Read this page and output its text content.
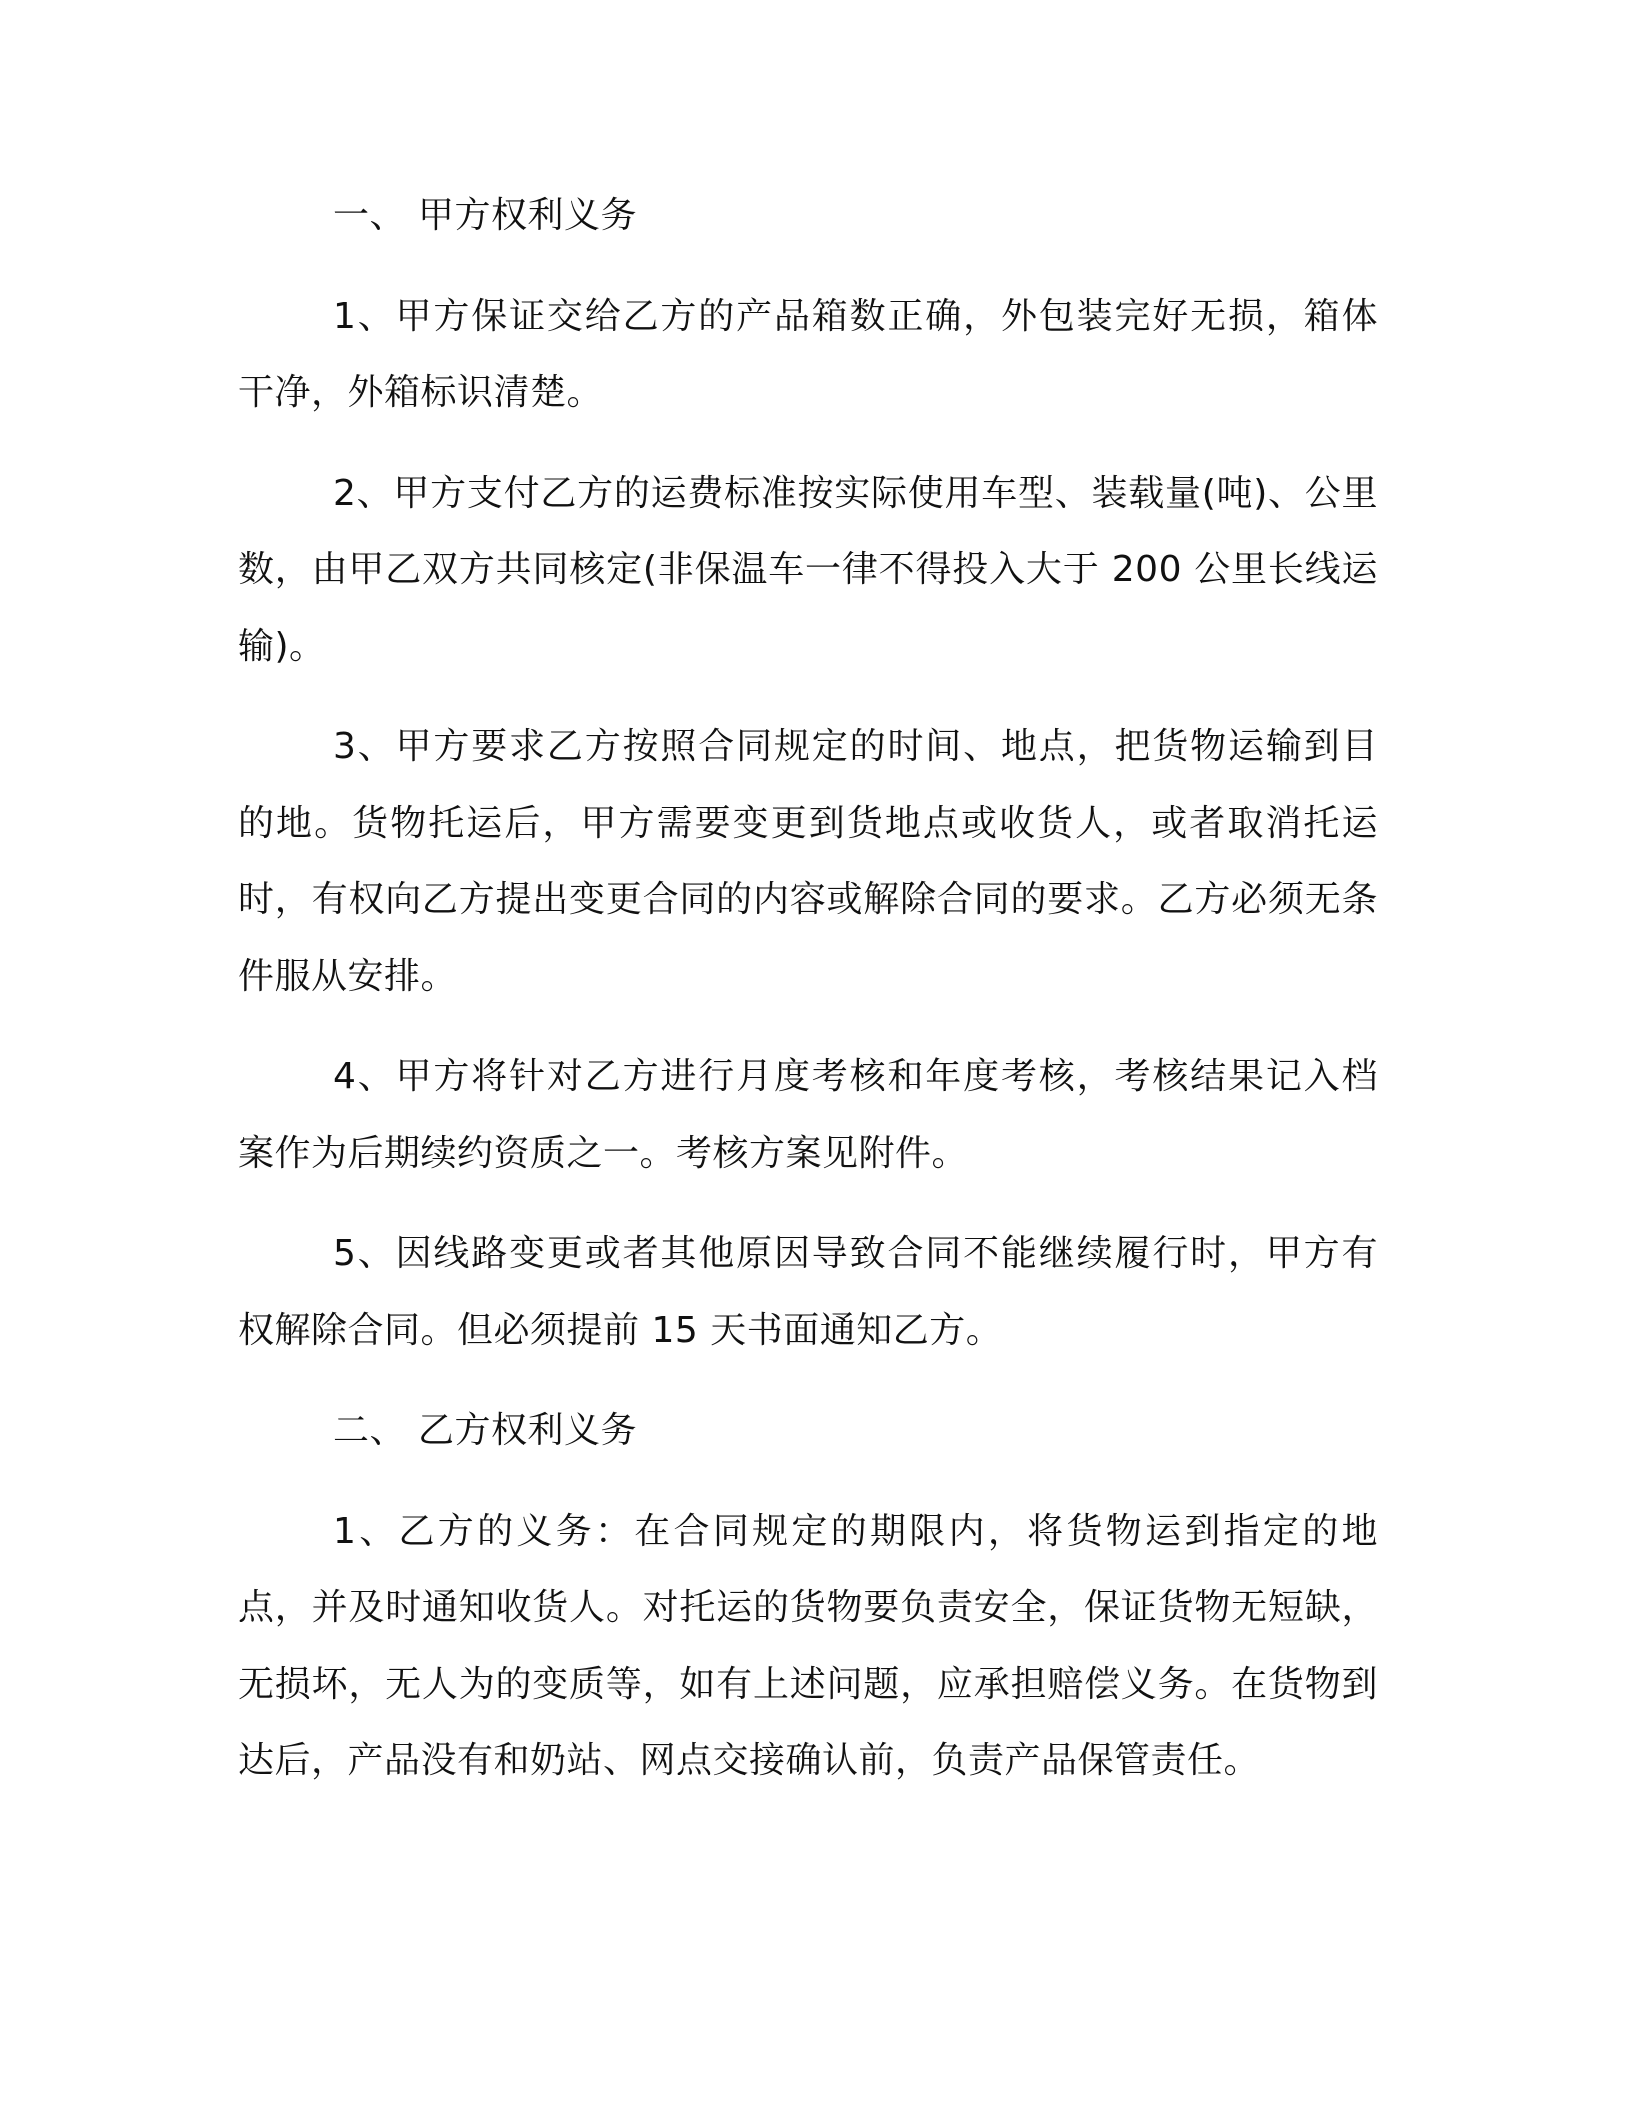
一、 甲方权利义务

1、甲方保证交给乙方的产品箱数正确，外包装完好无损，箱体干净，外箱标识清楚。

2、甲方支付乙方的运费标准按实际使用车型、装载量(吨)、公里数，由甲乙双方共同核定(非保温车一律不得投入大于 200 公里长线运输)。

3、甲方要求乙方按照合同规定的时间、地点，把货物运输到目的地。货物托运后，甲方需要变更到货地点或收货人，或者取消托运时，有权向乙方提出变更合同的内容或解除合同的要求。乙方必须无条件服从安排。

4、甲方将针对乙方进行月度考核和年度考核，考核结果记入档案作为后期续约资质之一。考核方案见附件。

5、因线路变更或者其他原因导致合同不能继续履行时，甲方有权解除合同。但必须提前 15 天书面通知乙方。

二、 乙方权利义务

1、乙方的义务：在合同规定的期限内，将货物运到指定的地点，并及时通知收货人。对托运的货物要负责安全，保证货物无短缺，无损坏，无人为的变质等，如有上述问题，应承担赔偿义务。在货物到达后，产品没有和奶站、网点交接确认前，负责产品保管责任。
